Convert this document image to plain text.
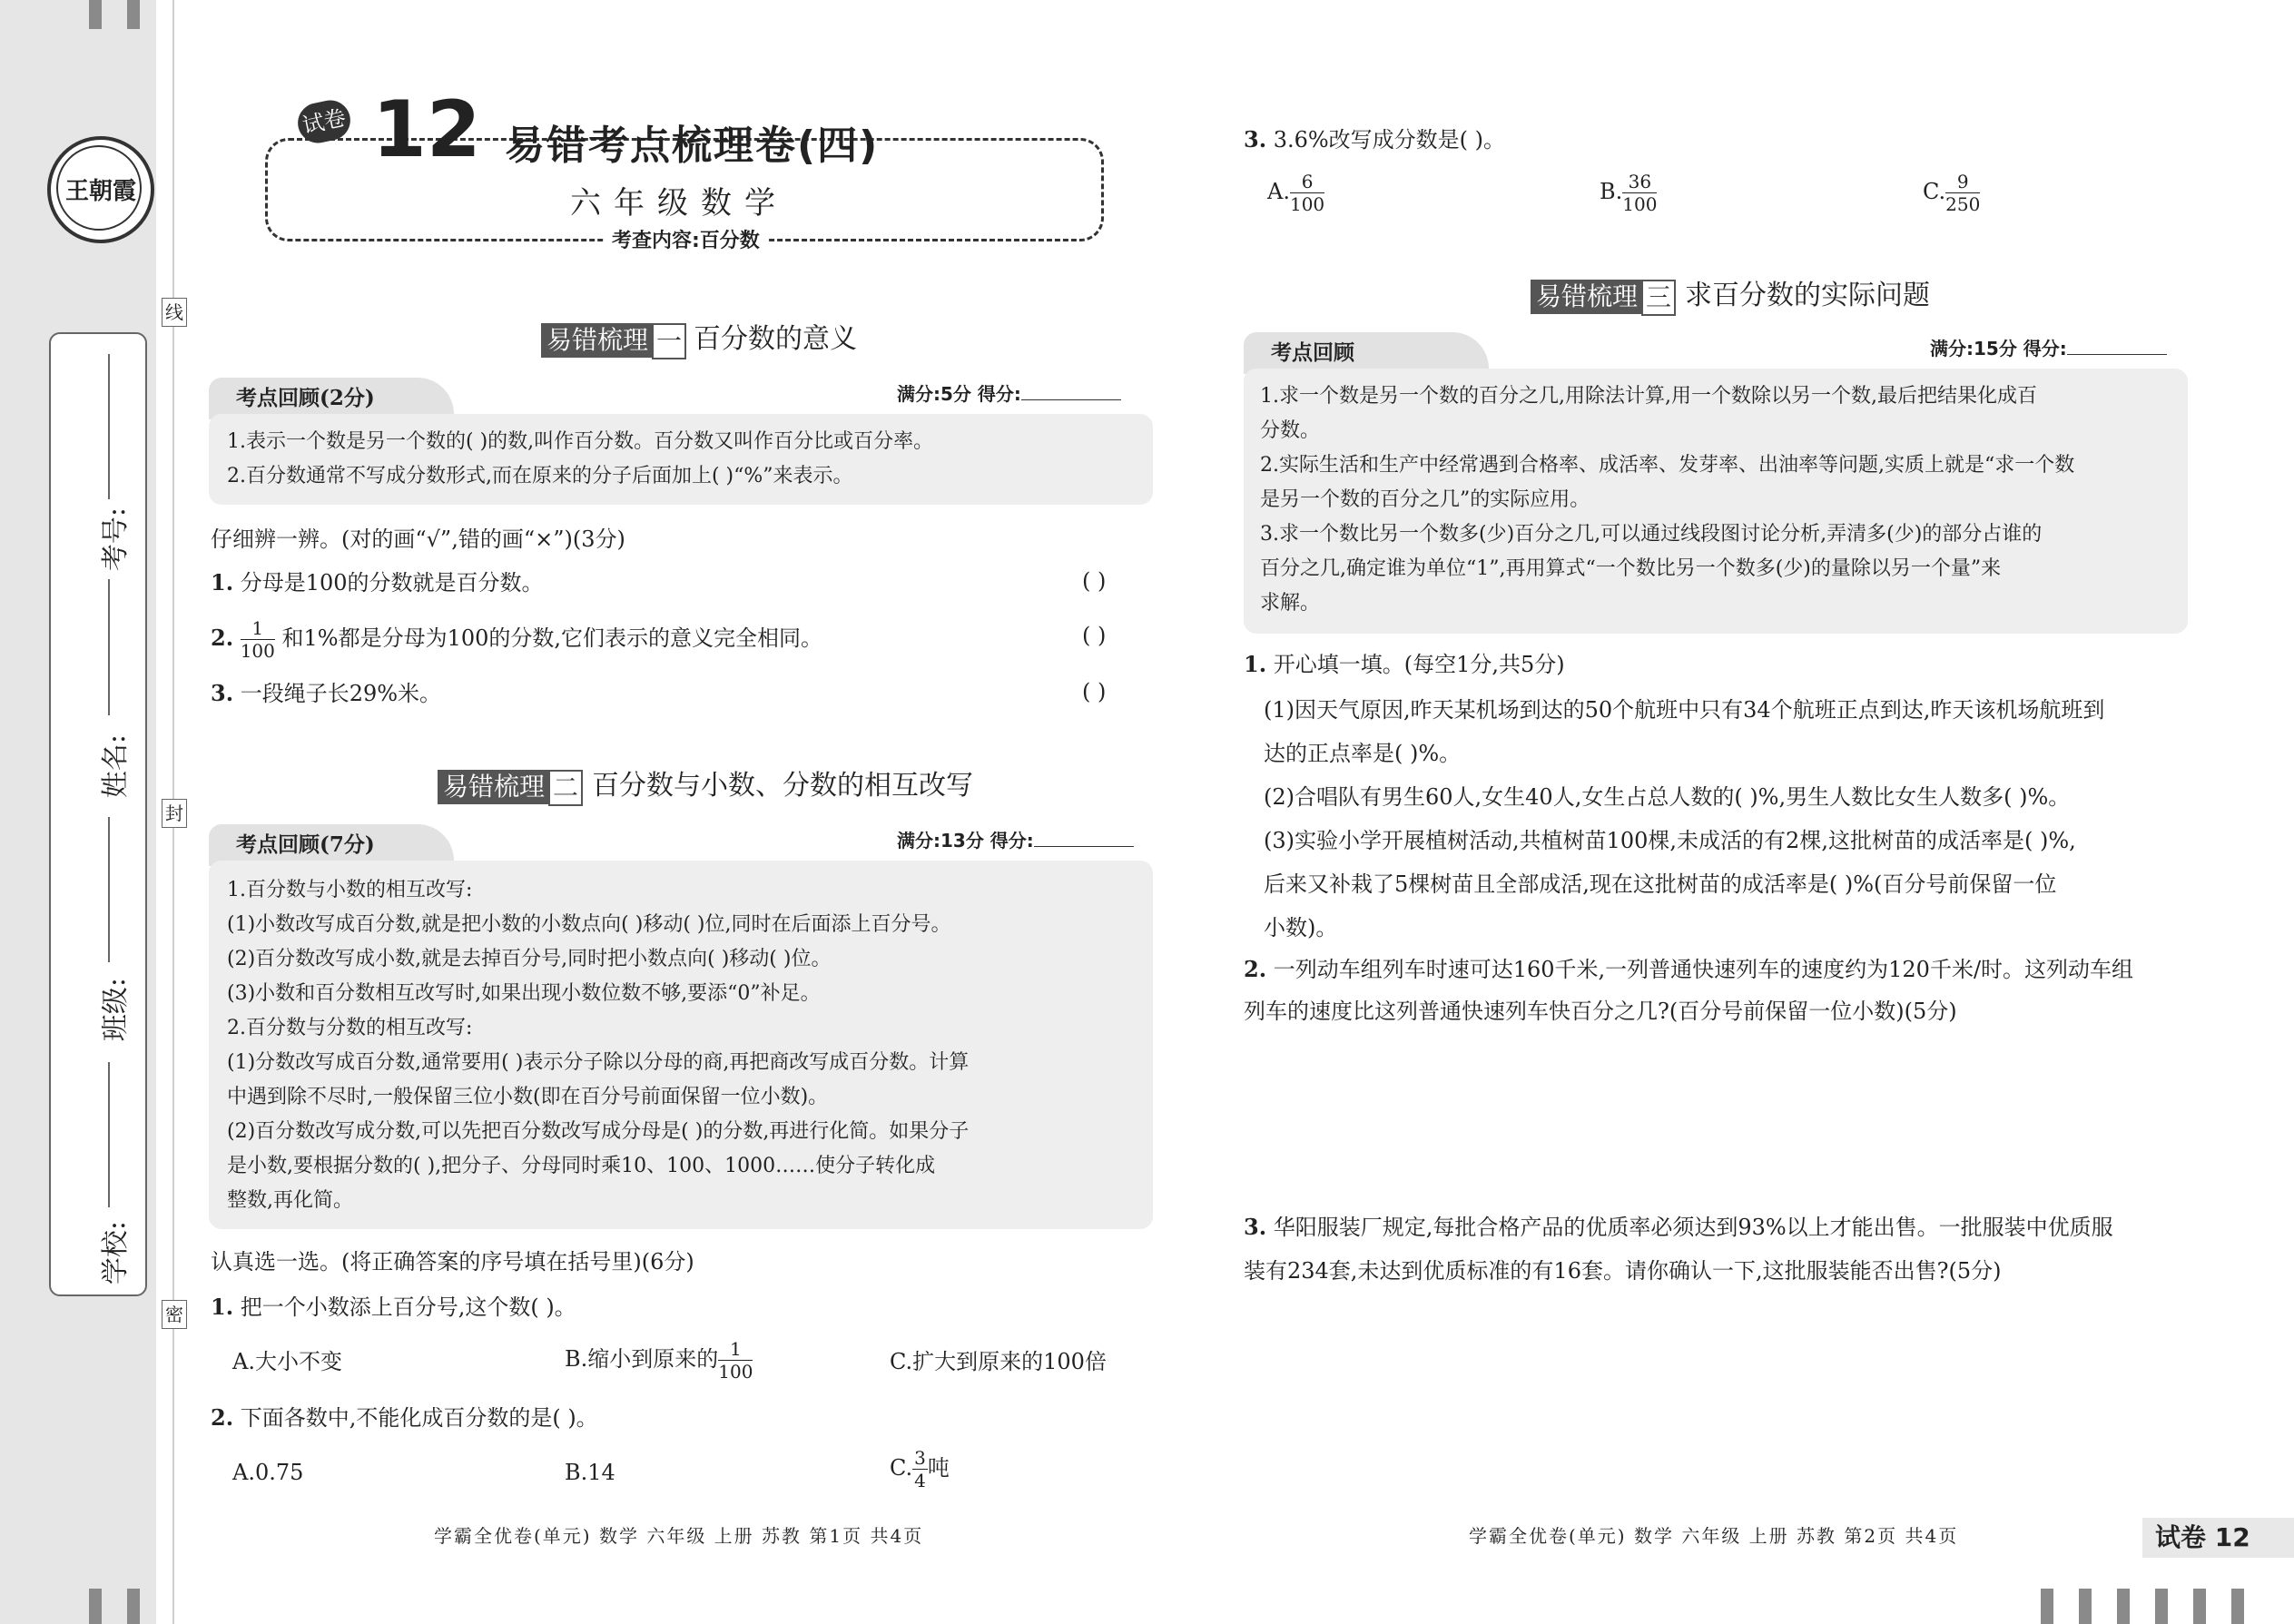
王朝霞
考号:
姓名:
班级:
学校:
线
封
密
试卷 12 易错考点梳理卷(四)
六年级数学
考查内容:百分数
易错梳理 一 百分数的意义
考点回顾(2分)	满分:5分 得分:
1.表示一个数是另一个数的( )的数,叫作百分数。百分数又叫作百分比或百分率。
2.百分数通常不写成分数形式,而在原来的分子后面加上( )“%”来表示。
仔细辨一辨。(对的画“√”,错的画“×”)(3分)
1. 分母是100的分数就是百分数。	( )
2. $\frac{1}{100}$ 和1%都是分母为100的分数,它们表示的意义完全相同。	( )
3. 一段绳子长29%米。	( )
易错梳理 二 百分数与小数、分数的相互改写
考点回顾(7分)	满分:13分 得分:
1.百分数与小数的相互改写:
(1)小数改写成百分数,就是把小数的小数点向( )移动( )位,同时在后面添上百分号。
(2)百分数改写成小数,就是去掉百分号,同时把小数点向( )移动( )位。
(3)小数和百分数相互改写时,如果出现小数位数不够,要添“0”补足。
2.百分数与分数的相互改写:
(1)分数改写成百分数,通常要用( )表示分子除以分母的商,再把商改写成百分数。计算
中遇到除不尽时,一般保留三位小数(即在百分号前面保留一位小数)。
(2)百分数改写成分数,可以先把百分数改写成分母是( )的分数,再进行化简。如果分子
是小数,要根据分数的( ),把分子、分母同时乘10、100、1000……使分子转化成
整数,再化简。
认真选一选。(将正确答案的序号填在括号里)(6分)
1. 把一个小数添上百分号,这个数( )。
A.大小不变	B.缩小到原来的 $\frac{1}{100}$	C.扩大到原来的100倍
2. 下面各数中,不能化成百分数的是( )。
A.0.75	B.14	C. $\frac{3}{4}$ 吨
3. 3.6%改写成分数是( )。
A. $\frac{6}{100}$	B. $\frac{36}{100}$	C. $\frac{9}{250}$
易错梳理 三 求百分数的实际问题
考点回顾	满分:15分 得分:
1.求一个数是另一个数的百分之几,用除法计算,用一个数除以另一个数,最后把结果化成百
分数。
2.实际生活和生产中经常遇到合格率、成活率、发芽率、出油率等问题,实质上就是“求一个数
是另一个数的百分之几”的实际应用。
3.求一个数比另一个数多(少)百分之几,可以通过线段图讨论分析,弄清多(少)的部分占谁的
百分之几,确定谁为单位“1”,再用算式“一个数比另一个数多(少)的量除以另一个量”来
求解。
1. 开心填一填。(每空1分,共5分)
(1)因天气原因,昨天某机场到达的50个航班中只有34个航班正点到达,昨天该机场航班到
达的正点率是( )%。
(2)合唱队有男生60人,女生40人,女生占总人数的( )%,男生人数比女生人数多( )%。
(3)实验小学开展植树活动,共植树苗100棵,未成活的有2棵,这批树苗的成活率是( )%,
后来又补栽了5棵树苗且全部成活,现在这批树苗的成活率是( )%(百分号前保留一位
小数)。
2. 一列动车组列车时速可达160千米,一列普通快速列车的速度约为120千米/时。这列动车组
列车的速度比这列普通快速列车快百分之几?(百分号前保留一位小数)(5分)
3. 华阳服装厂规定,每批合格产品的优质率必须达到93%以上才能出售。一批服装中优质服
装有234套,未达到优质标准的有16套。请你确认一下,这批服装能否出售?(5分)
学霸全优卷(单元) 数学 六年级 上册 苏教 第1页 共4页	学霸全优卷(单元) 数学 六年级 上册 苏教 第2页 共4页	试卷 12
